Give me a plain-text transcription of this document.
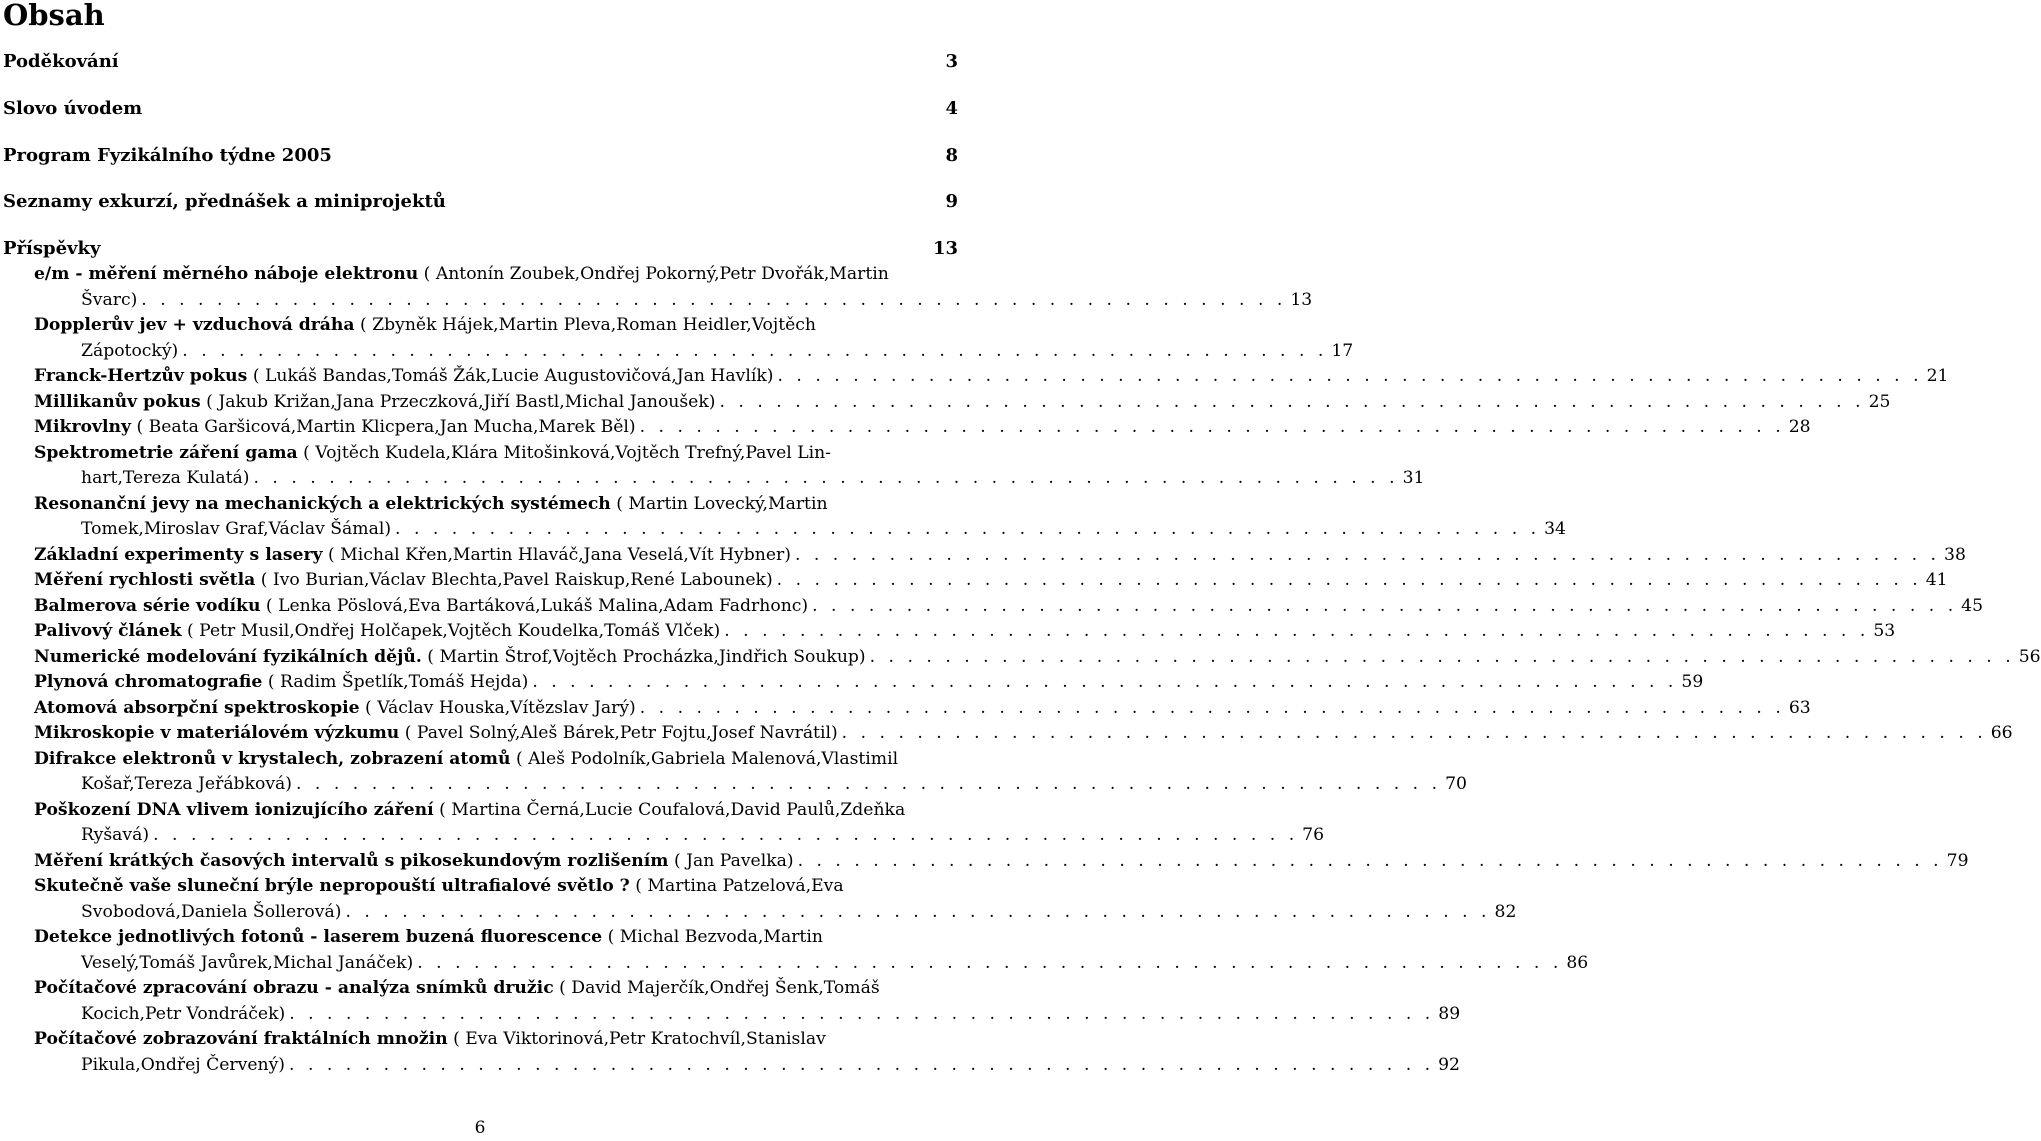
Obsah
Poděkování	3
Slovo úvodem	4
Program Fyzikálního týdne 2005	8
Seznamy exkurzí, přednášek a miniprojektů	9
Příspěvky	13
e/m - měření měrného náboje elektronu ( Antonín Zoubek,Ondřej Pokorný,Petr Dvořák,Martin
Švarc) . . . . . . . . . . . . . . . . . . . . . . . . . . . . . . . . . . . . . . . . . . . . . . . . . . . . . . . . . . . . . 13
Dopplerův jev + vzduchová dráha ( Zbyněk Hájek,Martin Pleva,Roman Heidler,Vojtěch
Zápotocký) . . . . . . . . . . . . . . . . . . . . . . . . . . . . . . . . . . . . . . . . . . . . . . . . . . . . . . . . . . . . . 17
Franck-Hertzův pokus ( Lukáš Bandas,Tomáš Žák,Lucie Augustovičová,Jan Havlík) . . . . . . . . . . . . . . . . . . . . . . . . . . . . . . . . . . . . . . . . . . . . . . . . . . . . . . . . . . . . . 21
Millikanův pokus ( Jakub Križan,Jana Przeczková,Jiří Bastl,Michal Janoušek) . . . . . . . . . . . . . . . . . . . . . . . . . . . . . . . . . . . . . . . . . . . . . . . . . . . . . . . . . . . . . 25
Mikrovlny ( Beata Garšicová,Martin Klicpera,Jan Mucha,Marek Běl) . . . . . . . . . . . . . . . . . . . . . . . . . . . . . . . . . . . . . . . . . . . . . . . . . . . . . . . . . . . . . 28
Spektrometrie záření gama ( Vojtěch Kudela,Klára Mitošinková,Vojtěch Trefný,Pavel Lin-
hart,Tereza Kulatá) . . . . . . . . . . . . . . . . . . . . . . . . . . . . . . . . . . . . . . . . . . . . . . . . . . . . . . . . . . . . . 31
Resonanční jevy na mechanických a elektrických systémech ( Martin Lovecký,Martin
Tomek,Miroslav Graf,Václav Šámal) . . . . . . . . . . . . . . . . . . . . . . . . . . . . . . . . . . . . . . . . . . . . . . . . . . . . . . . . . . . . . 34
Základní experimenty s lasery ( Michal Křen,Martin Hlaváč,Jana Veselá,Vít Hybner) . . . . . . . . . . . . . . . . . . . . . . . . . . . . . . . . . . . . . . . . . . . . . . . . . . . . . . . . . . . . . 38
Měření rychlosti světla ( Ivo Burian,Václav Blechta,Pavel Raiskup,René Labounek) . . . . . . . . . . . . . . . . . . . . . . . . . . . . . . . . . . . . . . . . . . . . . . . . . . . . . . . . . . . . . 41
Balmerova série vodíku ( Lenka Pöslová,Eva Bartáková,Lukáš Malina,Adam Fadrhonc) . . . . . . . . . . . . . . . . . . . . . . . . . . . . . . . . . . . . . . . . . . . . . . . . . . . . . . . . . . . . . 45
Palivový článek ( Petr Musil,Ondřej Holčapek,Vojtěch Koudelka,Tomáš Vlček) . . . . . . . . . . . . . . . . . . . . . . . . . . . . . . . . . . . . . . . . . . . . . . . . . . . . . . . . . . . . . 53
Numerické modelování fyzikálních dějů. ( Martin Štrof,Vojtěch Procházka,Jindřich Soukup) . . . . . . . . . . . . . . . . . . . . . . . . . . . . . . . . . . . . . . . . . . . . . . . . . . . . . . . . . . . . . 56
Plynová chromatografie ( Radim Špetlík,Tomáš Hejda) . . . . . . . . . . . . . . . . . . . . . . . . . . . . . . . . . . . . . . . . . . . . . . . . . . . . . . . . . . . . . 59
Atomová absorpční spektroskopie ( Václav Houska,Vítězslav Jarý) . . . . . . . . . . . . . . . . . . . . . . . . . . . . . . . . . . . . . . . . . . . . . . . . . . . . . . . . . . . . . 63
Mikroskopie v materiálovém výzkumu ( Pavel Solný,Aleš Bárek,Petr Fojtu,Josef Navrátil) . . . . . . . . . . . . . . . . . . . . . . . . . . . . . . . . . . . . . . . . . . . . . . . . . . . . . . . . . . . . . 66
Difrakce elektronů v krystalech, zobrazení atomů ( Aleš Podolník,Gabriela Malenová,Vlastimil
Košař,Tereza Jeřábková) . . . . . . . . . . . . . . . . . . . . . . . . . . . . . . . . . . . . . . . . . . . . . . . . . . . . . . . . . . . . . 70
Poškození DNA vlivem ionizujícího záření ( Martina Černá,Lucie Coufalová,David Paulů,Zdeňka
Ryšavá) . . . . . . . . . . . . . . . . . . . . . . . . . . . . . . . . . . . . . . . . . . . . . . . . . . . . . . . . . . . . . 76
Měření krátkých časových intervalů s pikosekundovým rozlišením ( Jan Pavelka) . . . . . . . . . . . . . . . . . . . . . . . . . . . . . . . . . . . . . . . . . . . . . . . . . . . . . . . . . . . . . 79
Skutečně vaše sluneční brýle nepropouští ultrafialové světlo ? ( Martina Patzelová,Eva
Svobodová,Daniela Šollerová) . . . . . . . . . . . . . . . . . . . . . . . . . . . . . . . . . . . . . . . . . . . . . . . . . . . . . . . . . . . . . 82
Detekce jednotlivých fotonů - laserem buzená fluorescence ( Michal Bezvoda,Martin
Veselý,Tomáš Javůrek,Michal Janáček) . . . . . . . . . . . . . . . . . . . . . . . . . . . . . . . . . . . . . . . . . . . . . . . . . . . . . . . . . . . . . 86
Počítačové zpracování obrazu - analýza snímků družic ( David Majerčík,Ondřej Šenk,Tomáš
Kocich,Petr Vondráček) . . . . . . . . . . . . . . . . . . . . . . . . . . . . . . . . . . . . . . . . . . . . . . . . . . . . . . . . . . . . . 89
Počítačové zobrazování fraktálních množin ( Eva Viktorinová,Petr Kratochvíl,Stanislav
Pikula,Ondřej Červený) . . . . . . . . . . . . . . . . . . . . . . . . . . . . . . . . . . . . . . . . . . . . . . . . . . . . . . . . . . . . . 92
6
